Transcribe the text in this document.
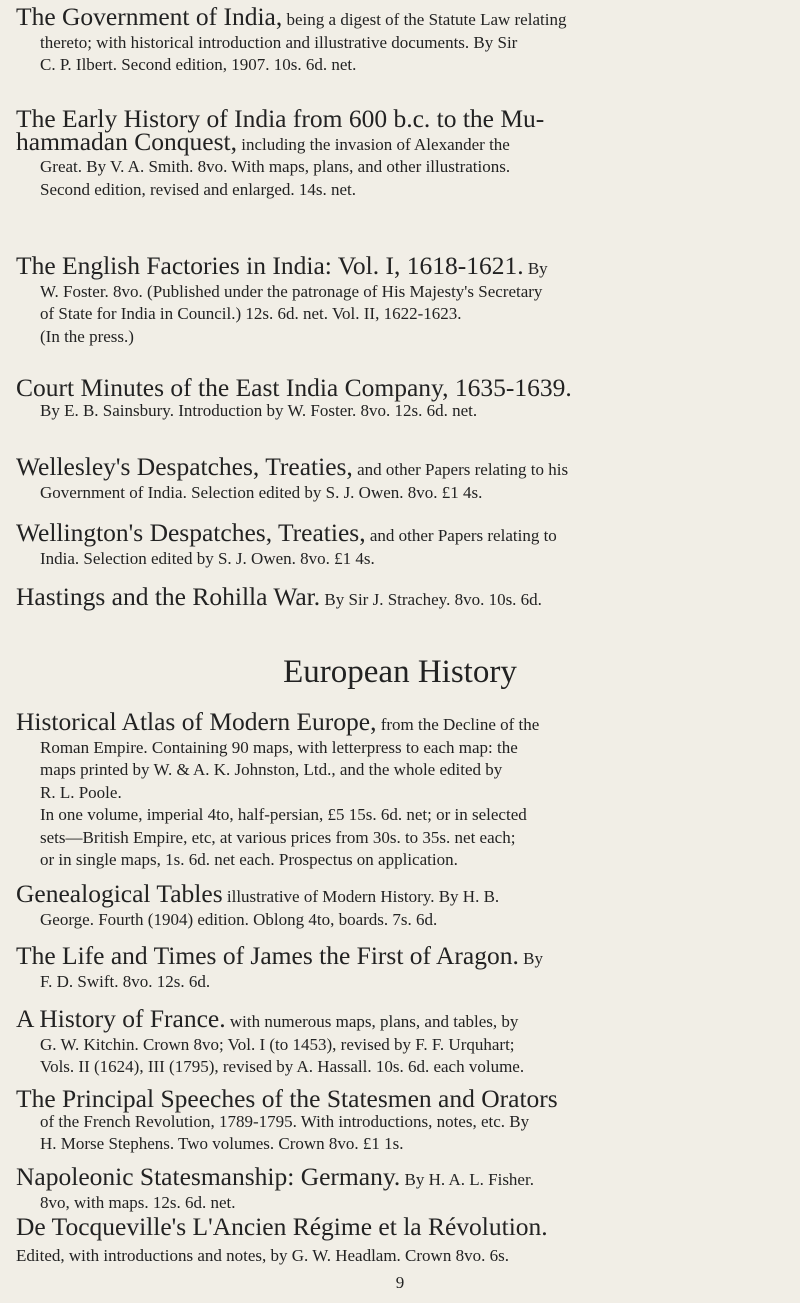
The Government of India, being a digest of the Statute Law relating

thereto; with historical introduction and illustrative documents. By Sir

C. P. Ilbert. Second edition, 1907. 10s. 6d. net.

The Early History of India from 600 b.c. to the Mu-

hammadan Conquest, including the invasion of Alexander the

Great. By V. A. Smith. 8vo. With maps, plans, and other illustrations.

Second edition, revised and enlarged. 14s. net.

The English Factories in India: Vol. I, 1618-1621. By

W. Foster. 8vo. (Published under the patronage of His Majesty's Secretary

of State for India in Council.) 12s. 6d. net. Vol. II, 1622-1623.

(In the press.)

Court Minutes of the East India Company, 1635-1639.

By E. B. Sainsbury. Introduction by W. Foster. 8vo. 12s. 6d. net.

Wellesley's Despatches, Treaties, and other Papers relating to his

Government of India. Selection edited by S. J. Owen. 8vo. £1 4s.

Wellington's Despatches, Treaties, and other Papers relating to

India. Selection edited by S. J. Owen. 8vo. £1 4s.

Hastings and the Rohilla War. By Sir J. Strachey. 8vo. 10s. 6d.

European History

Historical Atlas of Modern Europe, from the Decline of the

Roman Empire. Containing 90 maps, with letterpress to each map: the

maps printed by W. & A. K. Johnston, Ltd., and the whole edited by

R. L. Poole.

In one volume, imperial 4to, half-persian, £5 15s. 6d. net; or in selected

sets—British Empire, etc, at various prices from 30s. to 35s. net each;

or in single maps, 1s. 6d. net each. Prospectus on application.

Genealogical Tables illustrative of Modern History. By H. B.

George. Fourth (1904) edition. Oblong 4to, boards. 7s. 6d.

The Life and Times of James the First of Aragon. By

F. D. Swift. 8vo. 12s. 6d.

A History of France. with numerous maps, plans, and tables, by

G. W. Kitchin. Crown 8vo; Vol. I (to 1453), revised by F. F. Urquhart;

Vols. II (1624), III (1795), revised by A. Hassall. 10s. 6d. each volume.

The Principal Speeches of the Statesmen and Orators

of the French Revolution, 1789-1795. With introductions, notes, etc. By

H. Morse Stephens. Two volumes. Crown 8vo. £1 1s.

Napoleonic Statesmanship: Germany. By H. A. L. Fisher.

8vo, with maps. 12s. 6d. net.

De Tocqueville's L'Ancien Régime et la Révolution.

Edited, with introductions and notes, by G. W. Headlam. Crown 8vo. 6s.

9
